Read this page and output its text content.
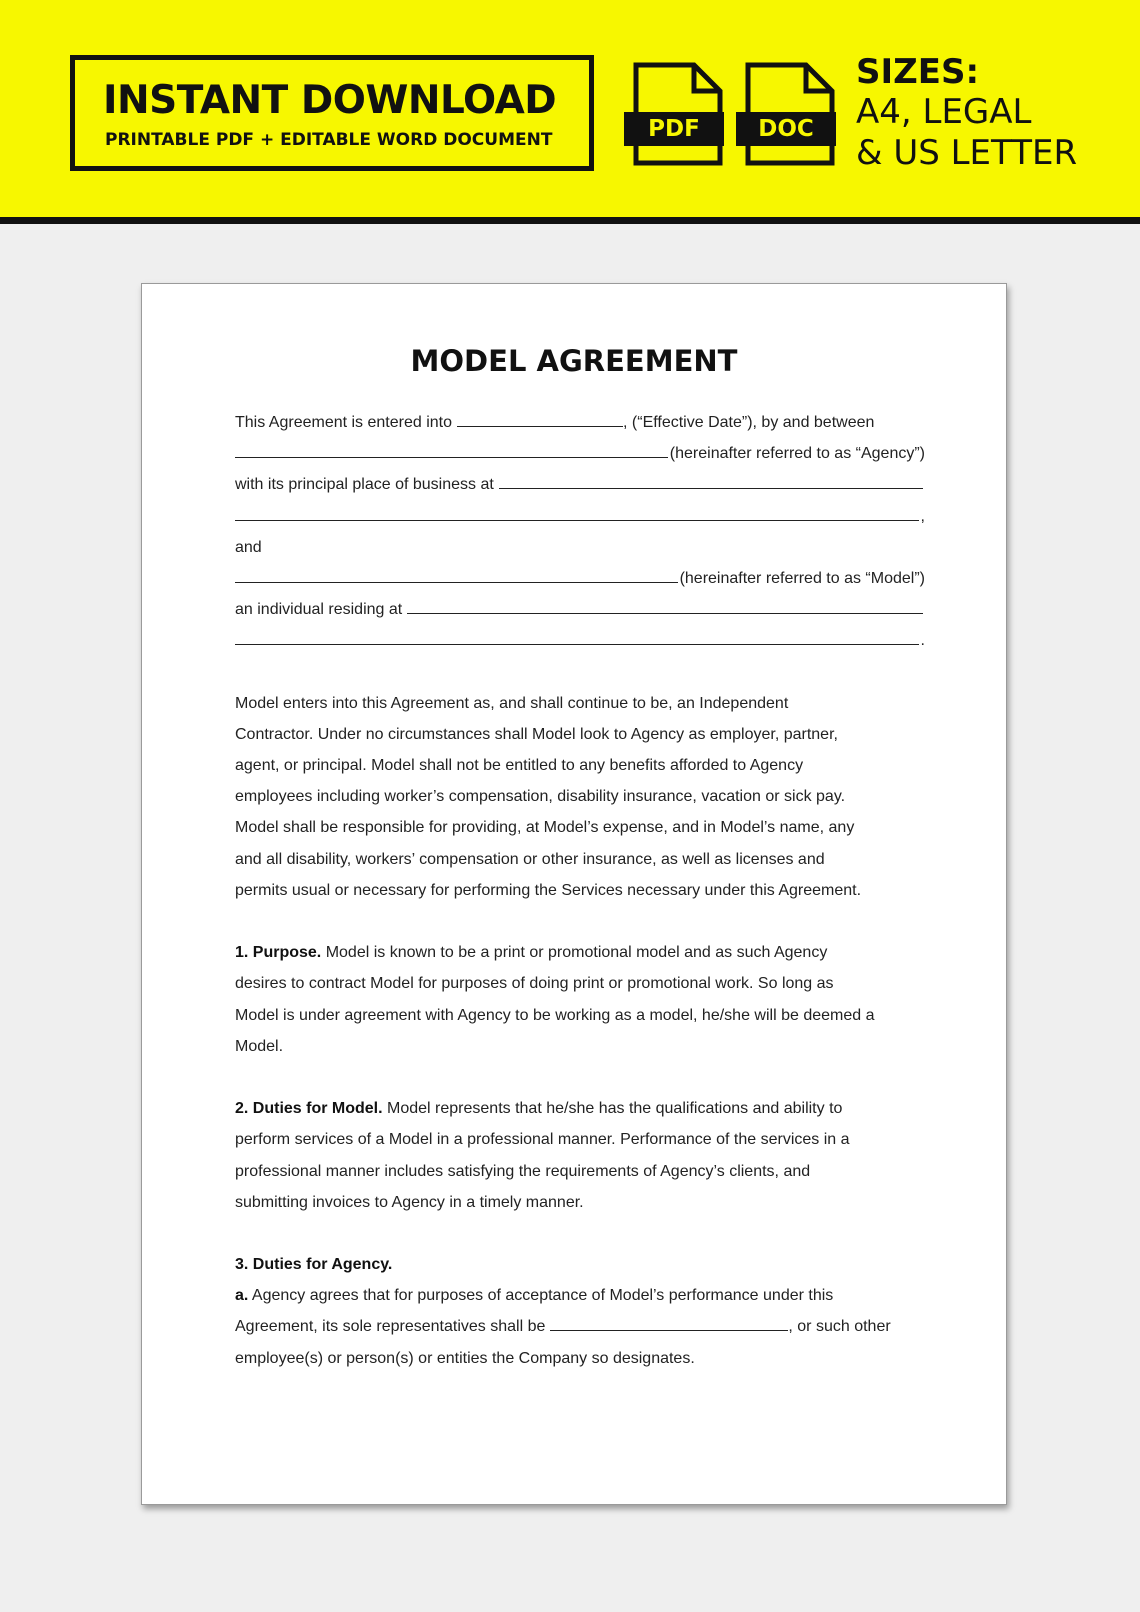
INSTANT DOWNLOAD
PRINTABLE PDF + EDITABLE WORD DOCUMENT	PDF	DOC
SIZES:
A4, LEGAL
& US LETTER
MODEL AGREEMENT
This Agreement is entered into	, (“Effective Date”), by and between
(hereinafter referred to as “Agency”)
with its principal place of business at
,
and
(hereinafter referred to as “Model”)
an individual residing at
.
Model enters into this Agreement as, and shall continue to be, an Independent
Contractor. Under no circumstances shall Model look to Agency as employer, partner,
agent, or principal. Model shall not be entitled to any benefits afforded to Agency
employees including worker’s compensation, disability insurance, vacation or sick pay.
Model shall be responsible for providing, at Model’s expense, and in Model’s name, any
and all disability, workers’ compensation or other insurance, as well as licenses and
permits usual or necessary for performing the Services necessary under this Agreement.
1. Purpose. Model is known to be a print or promotional model and as such Agency
desires to contract Model for purposes of doing print or promotional work. So long as
Model is under agreement with Agency to be working as a model, he/she will be deemed a
Model.
2. Duties for Model. Model represents that he/she has the qualifications and ability to
perform services of a Model in a professional manner. Performance of the services in a
professional manner includes satisfying the requirements of Agency’s clients, and
submitting invoices to Agency in a timely manner.
3. Duties for Agency.
a. Agency agrees that for purposes of acceptance of Model’s performance under this
Agreement, its sole representatives shall be	, or such other
employee(s) or person(s) or entities the Company so designates.
